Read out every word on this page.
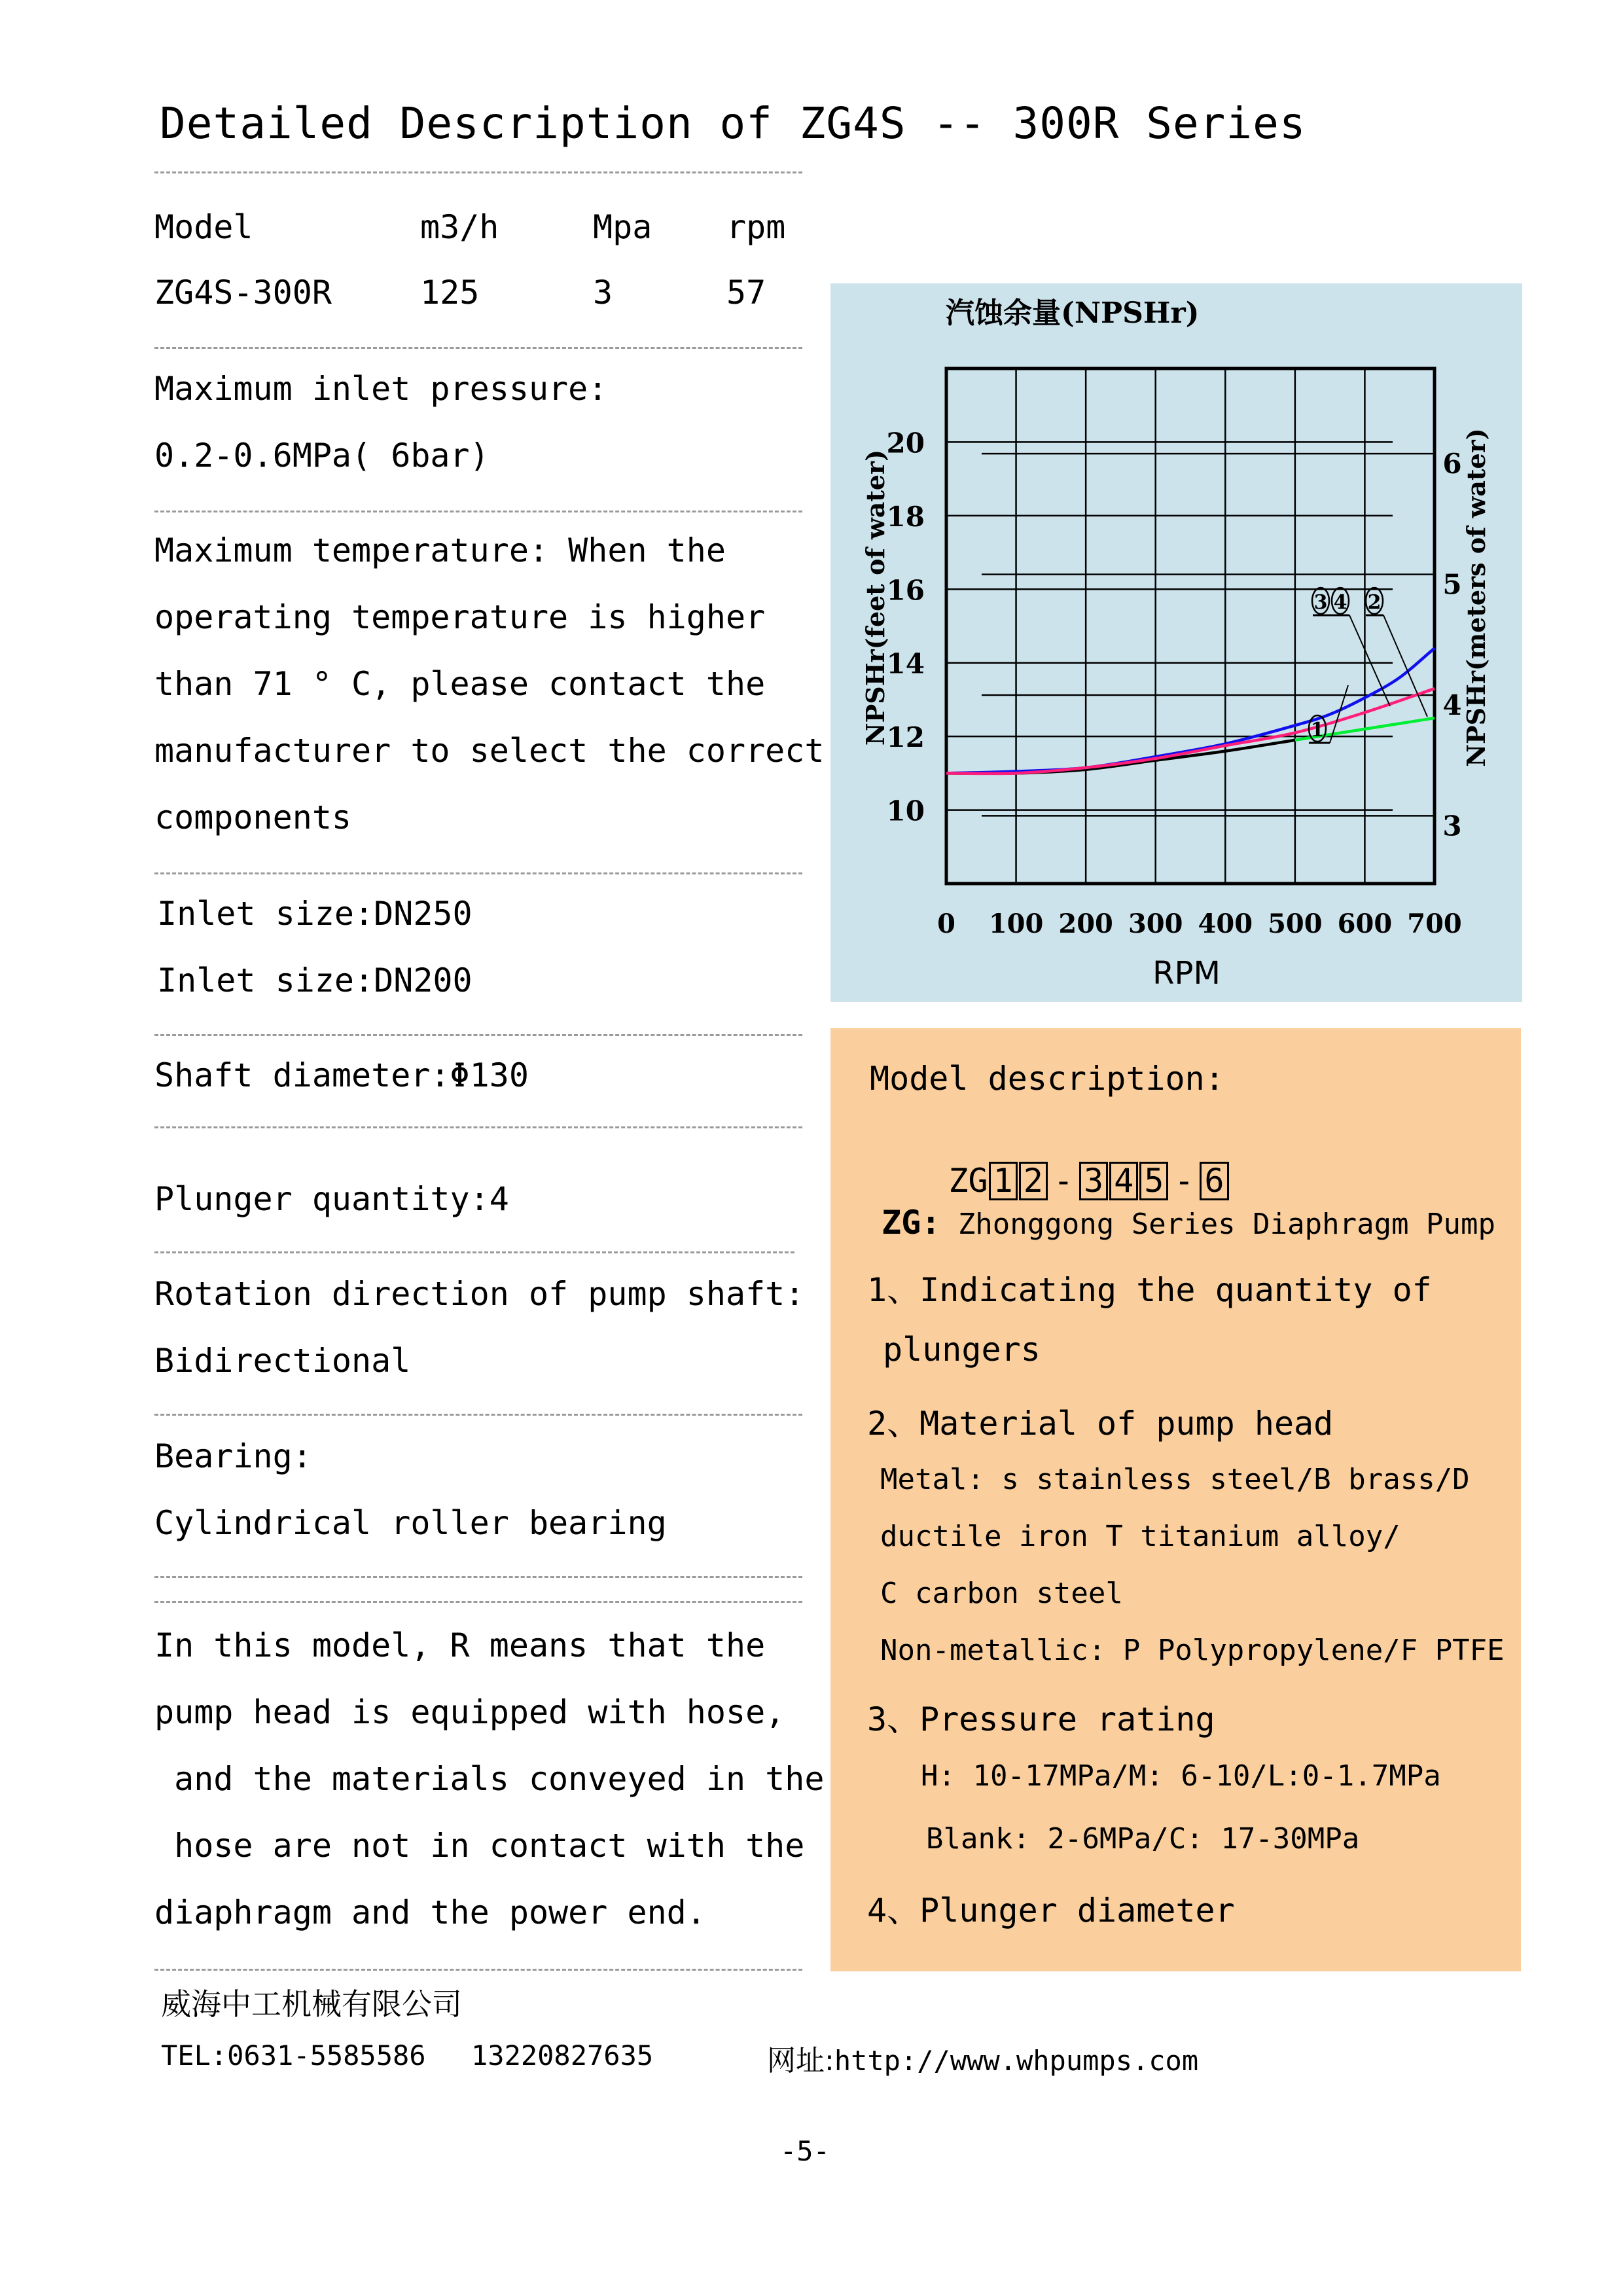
Detailed Description of ZG4S -- 300R Series
Model	m3/h	Mpa rpm
ZG4S-300R	125	3	57
Maximum inlet pressure:
0.2-0.6MPa( 6bar)
Maximum temperature: When the
operating temperature is higher
than 71 ° C, please contact the
manufacturer to select the correct
components
Inlet size:DN250
Inlet size:DN200
Shaft diameter:Φ130
Plunger quantity:4
Rotation direction of pump shaft:
Bidirectional
Bearing:
Cylindrical roller bearing
In this model, R means that the
pump head is equipped with hose,
and the materials conveyed in the
hose are not in contact with the
diaphragm and the power end.
汽蚀余量(NPSHr)
0 100 200 300 400 500 600 700
10
12
14
16
18
20
3
4
5
6
3 4 2
1
NPSHr(feet of water)	NPSHr(meters of water)
RPM
Model description:

ZG 1 2 - 3 4 5 - 6

ZG: Zhonggong Series Diaphragm Pump
1、Indicating the quantity of
plungers
2、Material of pump head
Metal: s stainless steel/B brass/D
ductile iron T titanium alloy/
C carbon steel
Non-metallic: P Polypropylene/F PTFE
3、Pressure rating
H: 10-17MPa/M: 6-10/L:0-1.7MPa
Blank: 2-6MPa/C: 17-30MPa
4、Plunger diameter
威海中工机械有限公司
TEL:0631-5585586 13220827635	网址:http://www.whpumps.com
-5-
